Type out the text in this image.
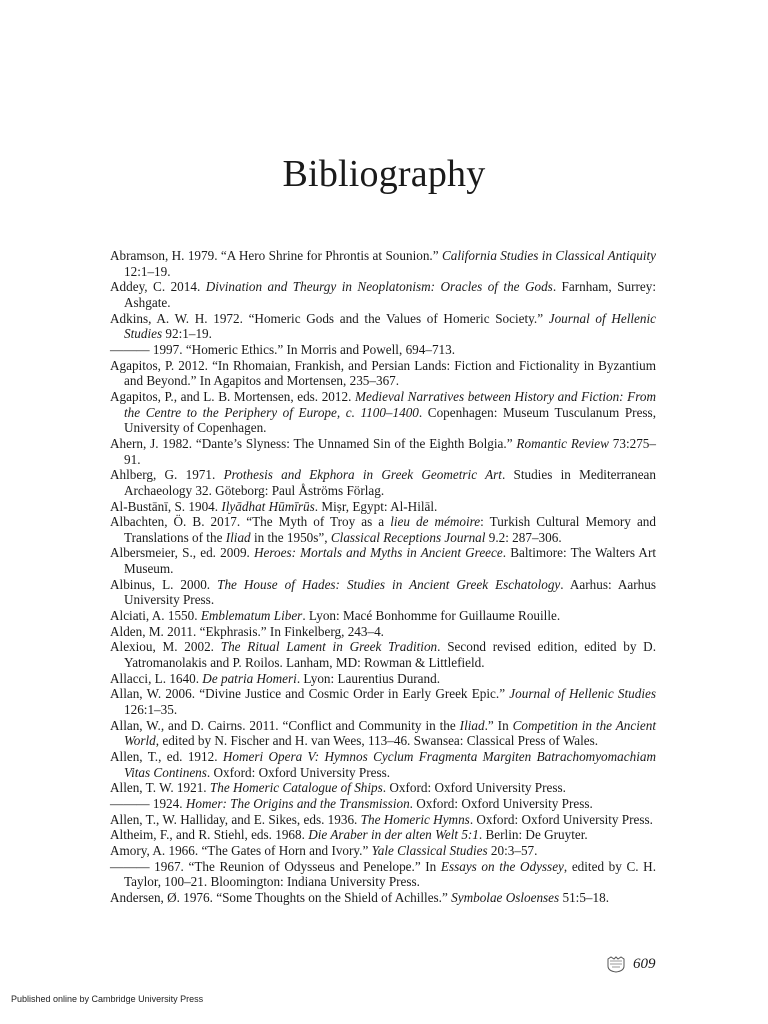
Bibliography
Abramson, H. 1979. “A Hero Shrine for Phrontis at Sounion.” California Studies in Classical Antiquity 12:1–19.
Addey, C. 2014. Divination and Theurgy in Neoplatonism: Oracles of the Gods. Farnham, Surrey: Ashgate.
Adkins, A. W. H. 1972. “Homeric Gods and the Values of Homeric Society.” Journal of Hellenic Studies 92:1–19.
——— 1997. “Homeric Ethics.” In Morris and Powell, 694–713.
Agapitos, P. 2012. “In Rhomaian, Frankish, and Persian Lands: Fiction and Fictionality in Byzantium and Beyond.” In Agapitos and Mortensen, 235–367.
Agapitos, P., and L. B. Mortensen, eds. 2012. Medieval Narratives between History and Fiction: From the Centre to the Periphery of Europe, c. 1100–1400. Copenhagen: Museum Tusculanum Press, University of Copenhagen.
Ahern, J. 1982. “Dante’s Slyness: The Unnamed Sin of the Eighth Bolgia.” Romantic Review 73:275–91.
Ahlberg, G. 1971. Prothesis and Ekphora in Greek Geometric Art. Studies in Mediterranean Archaeology 32. Göteborg: Paul Åströms Förlag.
Al-Bustānī, S. 1904. Ilyādhat Hūmīrūs. Miṣr, Egypt: Al-Hilāl.
Albachten, Ö. B. 2017. “The Myth of Troy as a lieu de mémoire: Turkish Cultural Memory and Translations of the Iliad in the 1950s”, Classical Receptions Journal 9.2: 287–306.
Albersmeier, S., ed. 2009. Heroes: Mortals and Myths in Ancient Greece. Baltimore: The Walters Art Museum.
Albinus, L. 2000. The House of Hades: Studies in Ancient Greek Eschatology. Aarhus: Aarhus University Press.
Alciati, A. 1550. Emblematum Liber. Lyon: Macé Bonhomme for Guillaume Rouille.
Alden, M. 2011. “Ekphrasis.” In Finkelberg, 243–4.
Alexiou, M. 2002. The Ritual Lament in Greek Tradition. Second revised edition, edited by D. Yatromanolakis and P. Roilos. Lanham, MD: Rowman & Littlefield.
Allacci, L. 1640. De patria Homeri. Lyon: Laurentius Durand.
Allan, W. 2006. “Divine Justice and Cosmic Order in Early Greek Epic.” Journal of Hellenic Studies 126:1–35.
Allan, W., and D. Cairns. 2011. “Conflict and Community in the Iliad.” In Competition in the Ancient World, edited by N. Fischer and H. van Wees, 113–46. Swansea: Classical Press of Wales.
Allen, T., ed. 1912. Homeri Opera V: Hymnos Cyclum Fragmenta Margiten Batrachomyomachiam Vitas Continens. Oxford: Oxford University Press.
Allen, T. W. 1921. The Homeric Catalogue of Ships. Oxford: Oxford University Press.
——— 1924. Homer: The Origins and the Transmission. Oxford: Oxford University Press.
Allen, T., W. Halliday, and E. Sikes, eds. 1936. The Homeric Hymns. Oxford: Oxford University Press.
Altheim, F., and R. Stiehl, eds. 1968. Die Araber in der alten Welt 5:1. Berlin: De Gruyter.
Amory, A. 1966. “The Gates of Horn and Ivory.” Yale Classical Studies 20:3–57.
——— 1967. “The Reunion of Odysseus and Penelope.” In Essays on the Odyssey, edited by C. H. Taylor, 100–21. Bloomington: Indiana University Press.
Andersen, Ø. 1976. “Some Thoughts on the Shield of Achilles.” Symbolae Osloenses 51:5–18.
609
Published online by Cambridge University Press
